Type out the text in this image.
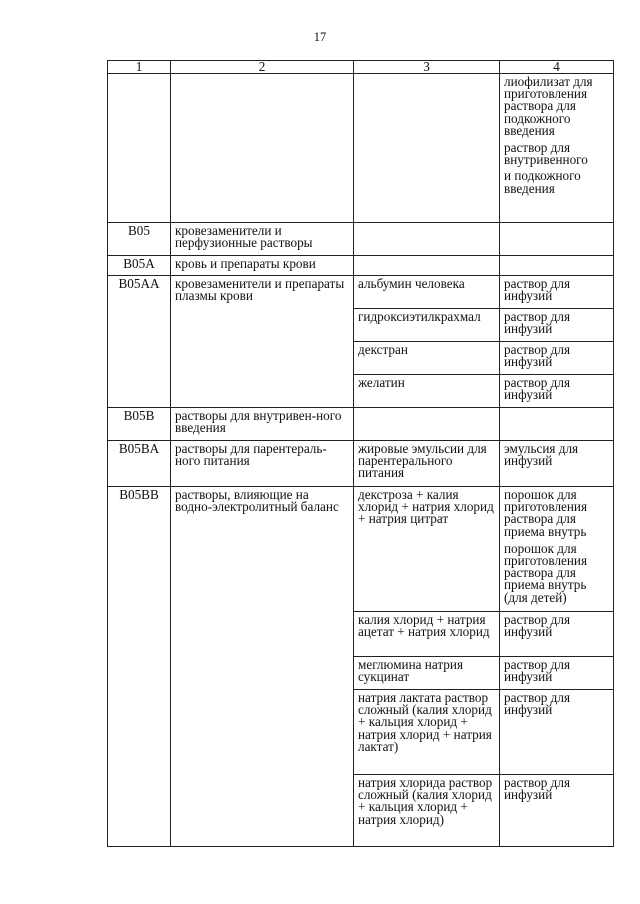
17
1	2	3	4

			лиофилизат для приготовления раствора для подкожного введения
раствор для внутривенного
и подкожного введения

B05	кровезаменители и перфузионные растворы		
B05A	кровь и препараты крови		
B05AA	кровезаменители и препараты плазмы крови	альбумин человека	раствор для инфузий
		гидроксиэтилкрахмал	раствор для инфузий
		декстран	раствор для инфузий
		желатин	раствор для инфузий
B05B	растворы для внутривен-ного введения		
B05BA	растворы для парентераль-ного питания	жировые эмульсии для парентерального питания	эмульсия для инфузий
B05BB	растворы, влияющие на водно-электролитный баланс	декстроза + калия хлорид + натрия хлорид + натрия цитрат	порошок для приготовления раствора для приема внутрь
порошок для приготовления раствора для приема внутрь (для детей)

		калия хлорид + натрия ацетат + натрия хлорид	раствор для инфузий
		меглюмина натрия сукцинат	раствор для инфузий
		натрия лактата раствор сложный (калия хлорид + кальция хлорид + натрия хлорид + натрия лактат)	раствор для инфузий
		натрия хлорида раствор сложный (калия хлорид + кальция хлорид + натрия хлорид)	раствор для инфузий
